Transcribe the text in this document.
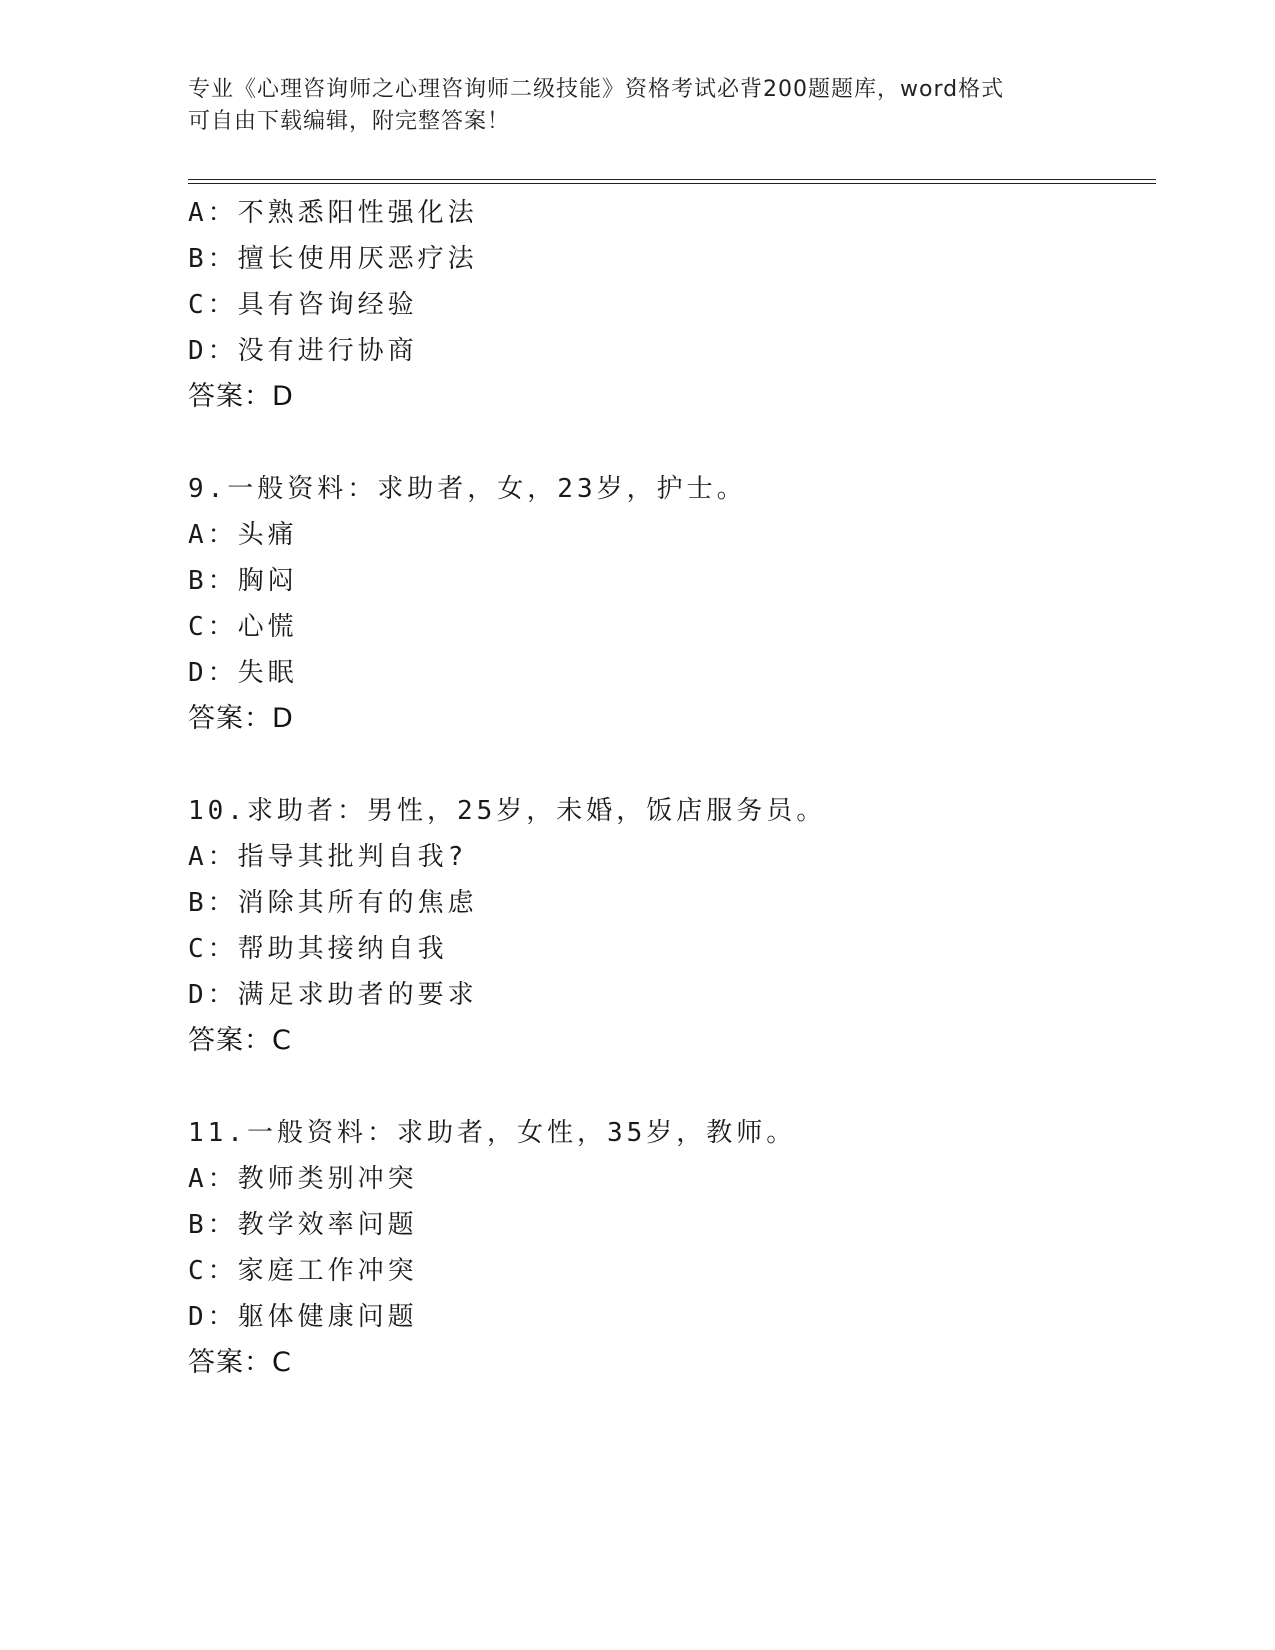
专业《心理咨询师之心理咨询师二级技能》资格考试必背200题题库，word格式
可自由下载编辑，附完整答案！
A：不熟悉阳性强化法
B：擅长使用厌恶疗法
C：具有咨询经验
D：没有进行协商
答案：D
9.一般资料：求助者，女，23岁，护士。
A：头痛
B：胸闷
C：心慌
D：失眠
答案：D
10.求助者：男性，25岁，未婚，饭店服务员。
A：指导其批判自我?
B：消除其所有的焦虑
C：帮助其接纳自我
D：满足求助者的要求
答案：C
11.一般资料：求助者，女性，35岁，教师。
A：教师类别冲突
B：教学效率问题
C：家庭工作冲突
D：躯体健康问题
答案：C
